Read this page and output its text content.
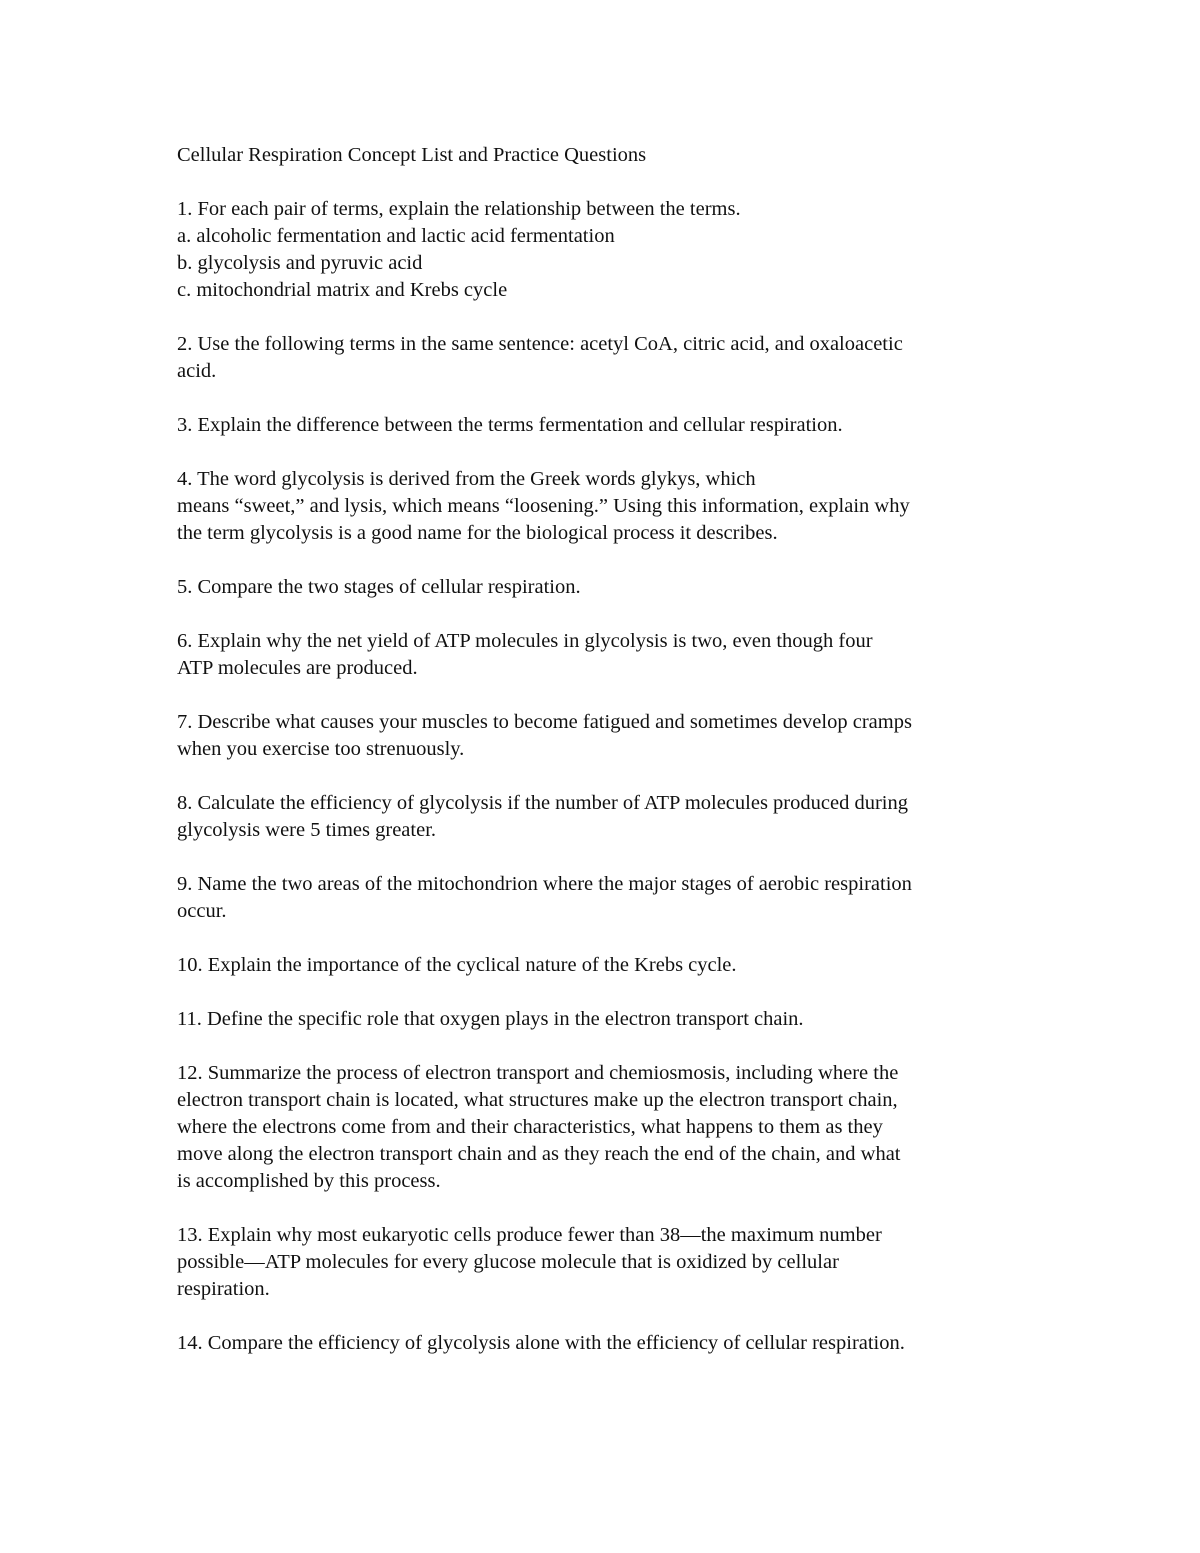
Cellular Respiration Concept List and Practice Questions

1. For each pair of terms, explain the relationship between the terms.
a. alcoholic fermentation and lactic acid fermentation
b. glycolysis and pyruvic acid
c. mitochondrial matrix and Krebs cycle
2. Use the following terms in the same sentence: acetyl CoA, citric acid, and oxaloacetic
acid.
3. Explain the difference between the terms fermentation and cellular respiration.
4. The word glycolysis is derived from the Greek words glykys, which
means “sweet,” and lysis, which means “loosening.” Using this information, explain why
the term glycolysis is a good name for the biological process it describes.
5. Compare the two stages of cellular respiration.
6. Explain why the net yield of ATP molecules in glycolysis is two, even though four
ATP molecules are produced.
7. Describe what causes your muscles to become fatigued and sometimes develop cramps
when you exercise too strenuously.
8. Calculate the efficiency of glycolysis if the number of ATP molecules produced during
glycolysis were 5 times greater.
9. Name the two areas of the mitochondrion where the major stages of aerobic respiration
occur.
10. Explain the importance of the cyclical nature of the Krebs cycle.
11. Define the specific role that oxygen plays in the electron transport chain.
12. Summarize the process of electron transport and chemiosmosis, including where the
electron transport chain is located, what structures make up the electron transport chain,
where the electrons come from and their characteristics, what happens to them as they
move along the electron transport chain and as they reach the end of the chain, and what
is accomplished by this process.
13. Explain why most eukaryotic cells produce fewer than 38—the maximum number
possible—ATP molecules for every glucose molecule that is oxidized by cellular
respiration.
14. Compare the efficiency of glycolysis alone with the efficiency of cellular respiration.
